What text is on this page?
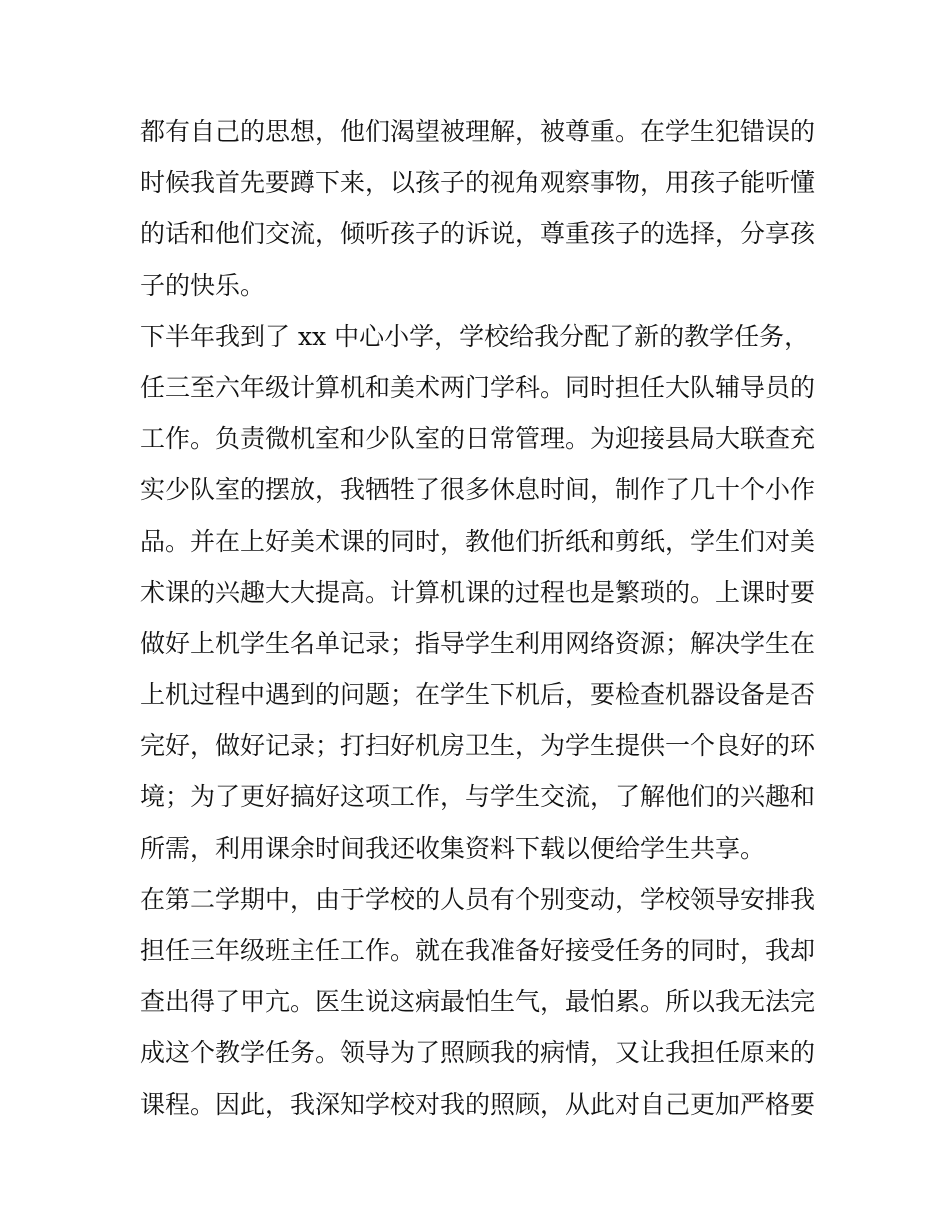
都有自己的思想，他们渴望被理解，被尊重。在学生犯错误的
时候我首先要蹲下来，以孩子的视角观察事物，用孩子能听懂
的话和他们交流，倾听孩子的诉说，尊重孩子的选择，分享孩
子的快乐。
下半年我到了 xx 中心小学，学校给我分配了新的教学任务，
任三至六年级计算机和美术两门学科。同时担任大队辅导员的
工作。负责微机室和少队室的日常管理。为迎接县局大联查充
实少队室的摆放，我牺牲了很多休息时间，制作了几十个小作
品。并在上好美术课的同时，教他们折纸和剪纸，学生们对美
术课的兴趣大大提高。计算机课的过程也是繁琐的。上课时要
做好上机学生名单记录；指导学生利用网络资源；解决学生在
上机过程中遇到的问题；在学生下机后，要检查机器设备是否
完好，做好记录；打扫好机房卫生，为学生提供一个良好的环
境；为了更好搞好这项工作，与学生交流，了解他们的兴趣和
所需，利用课余时间我还收集资料下载以便给学生共享。
在第二学期中，由于学校的人员有个别变动，学校领导安排我
担任三年级班主任工作。就在我准备好接受任务的同时，我却
查出得了甲亢。医生说这病最怕生气，最怕累。所以我无法完
成这个教学任务。领导为了照顾我的病情，又让我担任原来的
课程。因此，我深知学校对我的照顾，从此对自己更加严格要
